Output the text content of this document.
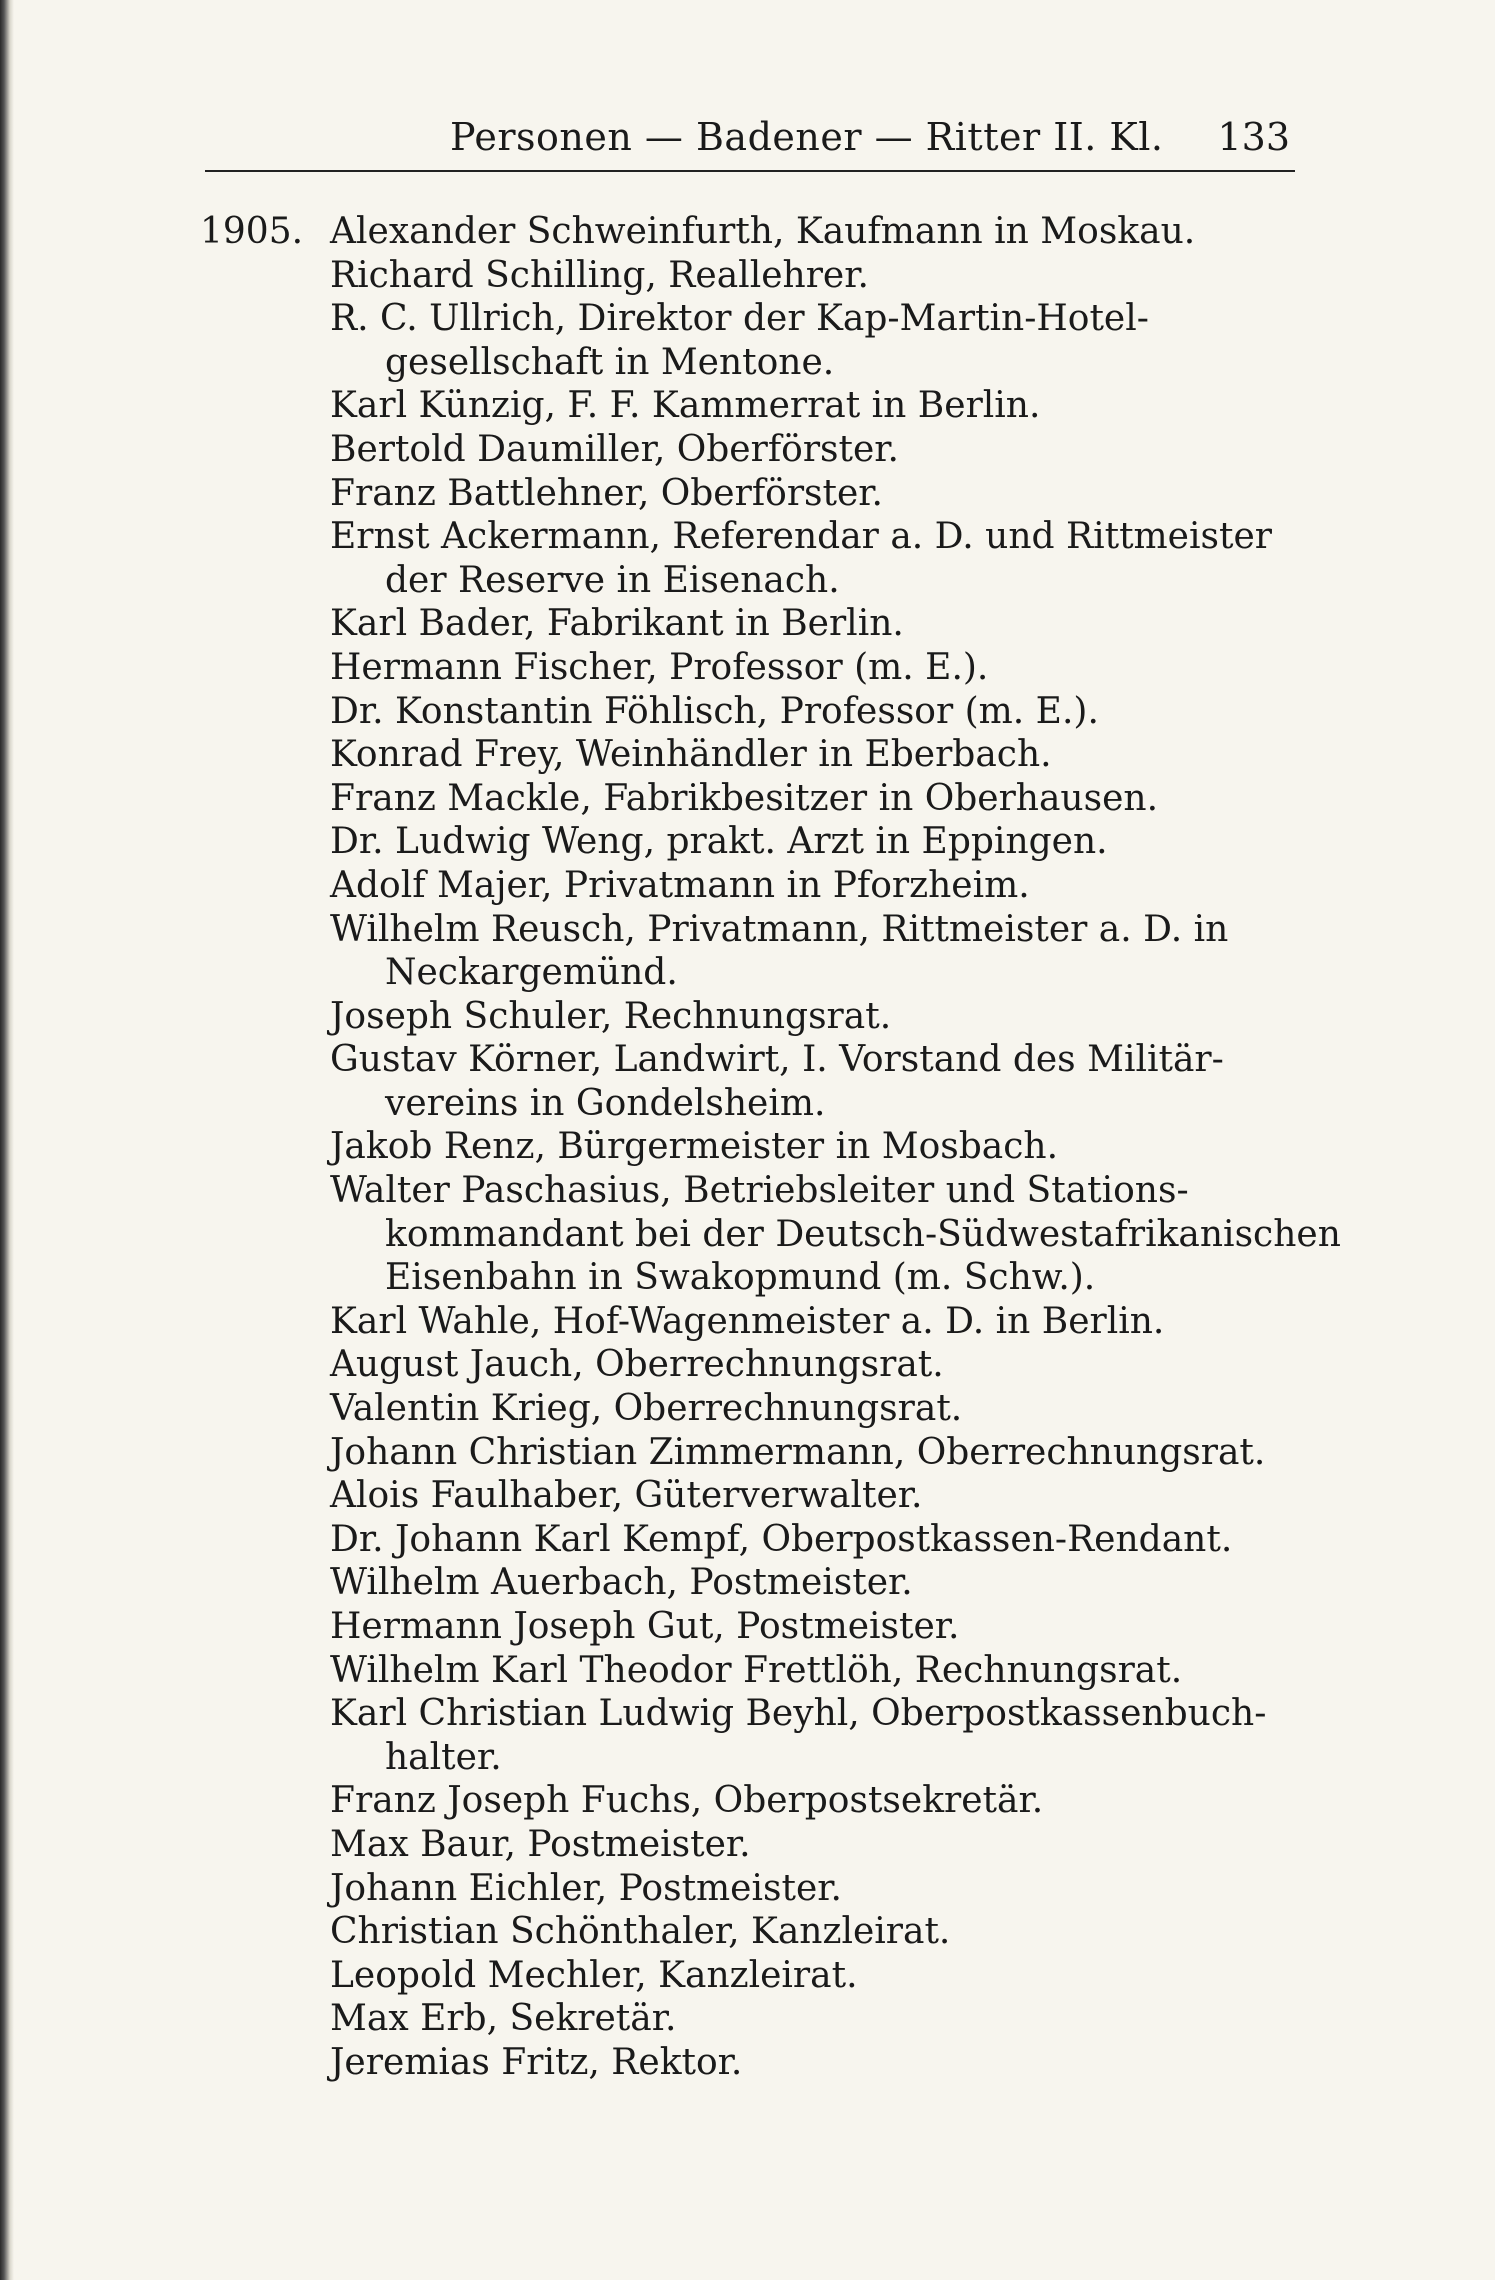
Personen — Badener — Ritter II. Kl. 133
1905. Alexander Schweinfurth, Kaufmann in Moskau.
Richard Schilling, Reallehrer.
R. C. Ullrich, Direktor der Kap-Martin-Hotel-
gesellschaft in Mentone.
Karl Künzig, F. F. Kammerrat in Berlin.
Bertold Daumiller, Oberförster.
Franz Battlehner, Oberförster.
Ernst Ackermann, Referendar a. D. und Rittmeister
der Reserve in Eisenach.
Karl Bader, Fabrikant in Berlin.
Hermann Fischer, Professor (m. E.).
Dr. Konstantin Föhlisch, Professor (m. E.).
Konrad Frey, Weinhändler in Eberbach.
Franz Mackle, Fabrikbesitzer in Oberhausen.
Dr. Ludwig Weng, prakt. Arzt in Eppingen.
Adolf Majer, Privatmann in Pforzheim.
Wilhelm Reusch, Privatmann, Rittmeister a. D. in
Neckargemünd.
Joseph Schuler, Rechnungsrat.
Gustav Körner, Landwirt, I. Vorstand des Militär-
vereins in Gondelsheim.
Jakob Renz, Bürgermeister in Mosbach.
Walter Paschasius, Betriebsleiter und Stations-
kommandant bei der Deutsch-Südwestafrikanischen
Eisenbahn in Swakopmund (m. Schw.).
Karl Wahle, Hof-Wagenmeister a. D. in Berlin.
August Jauch, Oberrechnungsrat.
Valentin Krieg, Oberrechnungsrat.
Johann Christian Zimmermann, Oberrechnungsrat.
Alois Faulhaber, Güterverwalter.
Dr. Johann Karl Kempf, Oberpostkassen-Rendant.
Wilhelm Auerbach, Postmeister.
Hermann Joseph Gut, Postmeister.
Wilhelm Karl Theodor Frettlöh, Rechnungsrat.
Karl Christian Ludwig Beyhl, Oberpostkassenbuch-
halter.
Franz Joseph Fuchs, Oberpostsekretär.
Max Baur, Postmeister.
Johann Eichler, Postmeister.
Christian Schönthaler, Kanzleirat.
Leopold Mechler, Kanzleirat.
Max Erb, Sekretär.
Jeremias Fritz, Rektor.
